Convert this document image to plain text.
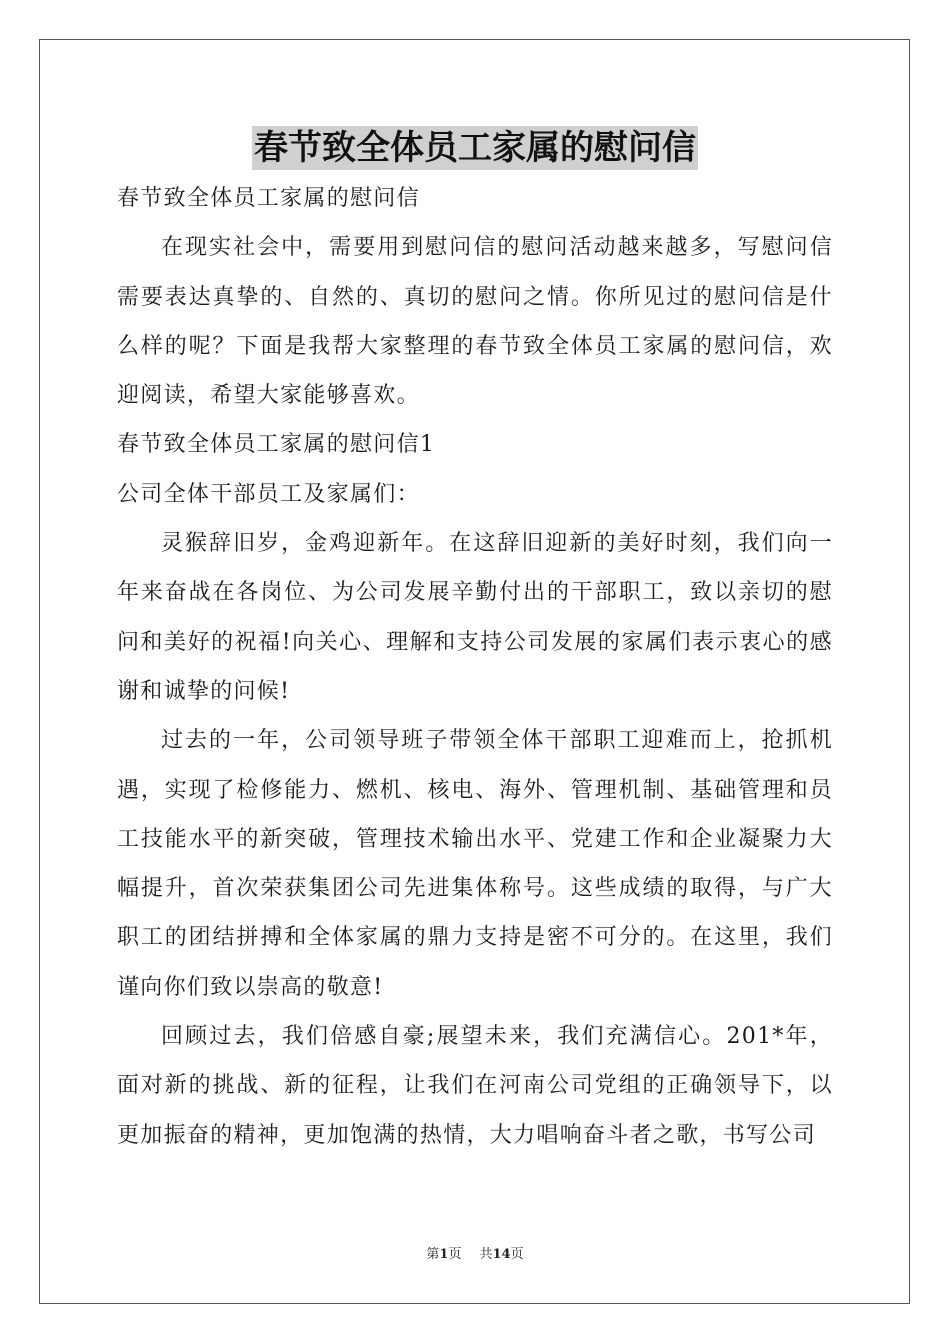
春节致全体员工家属的慰问信

春节致全体员工家属的慰问信

在现实社会中，需要用到慰问信的慰问活动越来越多，写慰问信需要表达真挚的、自然的、真切的慰问之情。你所见过的慰问信是什么样的呢？下面是我帮大家整理的春节致全体员工家属的慰问信，欢迎阅读，希望大家能够喜欢。

春节致全体员工家属的慰问信1

公司全体干部员工及家属们：

灵猴辞旧岁，金鸡迎新年。在这辞旧迎新的美好时刻，我们向一年来奋战在各岗位、为公司发展辛勤付出的干部职工，致以亲切的慰问和美好的祝福!向关心、理解和支持公司发展的家属们表示衷心的感谢和诚挚的问候!

过去的一年，公司领导班子带领全体干部职工迎难而上，抢抓机遇，实现了检修能力、燃机、核电、海外、管理机制、基础管理和员工技能水平的新突破，管理技术输出水平、党建工作和企业凝聚力大幅提升，首次荣获集团公司先进集体称号。这些成绩的取得，与广大职工的团结拼搏和全体家属的鼎力支持是密不可分的。在这里，我们谨向你们致以崇高的敬意!

回顾过去，我们倍感自豪;展望未来，我们充满信心。201*年，面对新的挑战、新的征程，让我们在河南公司党组的正确领导下，以更加振奋的精神，更加饱满的热情，大力唱响奋斗者之歌，书写公司

第1页 共14页
